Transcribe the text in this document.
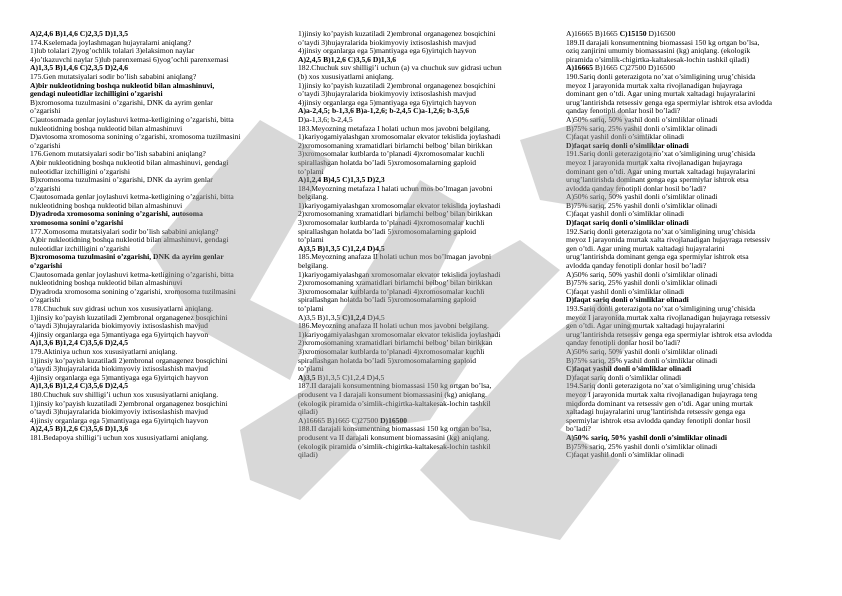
A)2,4,6 B)1,4,6 C)2,3,5 D)1,3,5
174.Kselemada joylashmagan hujayralarni aniqlang?
1)lub tolalari 2)yog’ochlik tolalari 3)elaksimon naylar
4)o’tkazuvchi naylar 5)lub parenxemasi 6)yog’ochli parenxemasi
A)1,3,5 B)1,4,6 C)2,3,5 D)2,4,6
175.Gen mutatsiyalari sodir bo’lish sababini aniqlang?
A)bir nukleotidning boshqa nukleotid bilan almashinuvi,
gendagi nuleotidlar izchilligini o’zgarishi
B)xromosoma tuzulmasini o’zgarishi, DNK da ayrim genlar
o’zgarishi
C)autosomada genlar joylashuvi ketma-ketligining o’zgarishi, bitta
nukleotidning boshqa nukleotid bilan almashinuvi
D)avtosoma xromosoma sonining o’zgarishi, xromosoma tuzilmasini
o’zgarishi
176.Genom mutatsiyalari sodir bo’lish sababini aniqlang?
A)bir nukleotidning boshqa nukleotid bilan almashinuvi, gendagi
nuleotidlar izchilligini o’zgarishi
B)xromosoma tuzulmasini o’zgarishi, DNK da ayrim genlar
o’zgarishi
C)autosomada genlar joylashuvi ketma-ketligining o’zgarishi, bitta
nukleotidning boshqa nukleotid bilan almashinuvi
D)yadroda xromosoma sonining o’zgarishi, autosoma
xromosoma sonini o’zgarishi
177.Xomosoma mutatsiyalari sodir bo’lish sababini aniqlang?
A)bir nukleotidning boshqa nukleotid bilan almashinuvi, gendagi
nuleotidlar izchilligini o’zgarishi
B)xromosoma tuzulmasini o’zgarishi, DNK da ayrim genlar
o’zgarishi
C)autosomada genlar joylashuvi ketma-ketligining o’zgarishi, bitta
nukleotidning boshqa nukleotid bilan almashinuvi
D)yadroda xromosoma sonining o’zgarishi, xromosoma tuzilmasini
o’zgarishi
178.Chuchuk suv gidrasi uchun xos xususiyatlarni aniqlang.
1)jinsiy ko’payish kuzatiladi 2)embronal organagenez bosqichini
o’taydi 3)hujayralarida biokimyoviy ixtisoslashish mavjud
4)jinsiy organlarga ega 5)mantiyaga ega 6)yirtqich hayvon
A)1,3,6 B)1,2,4 C)3,5,6 D)2,4,5
179.Aktiniya uchun xos xususiyatlarni aniqlang.
1)jinsiy ko’payish kuzatiladi 2)embronal organagenez bosqichini
o’taydi 3)hujayralarida biokimyoviy ixtisoslashish mavjud
4)jinsiy organlarga ega 5)mantiyaga ega 6)yirtqich hayvon
A)1,3,6 B)1,2,4 C)3,5,6 D)2,4,5
180.Chuchuk suv shilligi’i uchun xos xususiyatlarni aniqlang.
1)jinsiy ko’payish kuzatiladi 2)embronal organagenez bosqichini
o’taydi 3)hujayralarida biokimyoviy ixtisoslashish mavjud
4)jinsiy organlarga ega 5)mantiyaga ega 6)yirtqich hayvon
A)2,4,5 B)1,2,6 C)3,5,6 D)1,3,6
181.Bedapoya shilligi’i uchun xos xususiyatlarni aniqlang.
1)jinsiy ko’payish kuzatiladi 2)embronal organagenez bosqichini
o’taydi 3)hujayralarida biokimyoviy ixtisoslashish mavjud
4)jinsiy organlarga ega 5)mantiyaga ega 6)yirtqich hayvon
A)2,4,5 B)1,2,6 C)3,5,6 D)1,3,6
182.Chuchuk suv shilligi’i uchun (a) va chuchuk suv gidrasi uchun
(b) xos xususiyatlarni aniqlang.
1)jinsiy ko’payish kuzatiladi 2)embronal organagenez bosqichini
o’taydi 3)hujayralarida biokimyoviy ixtisoslashish mavjud
4)jinsiy organlarga ega 5)mantiyaga ega 6)yirtqich hayvon
A)a-2,4,5; b-1,3,6 B)a-1,2,6; b-2,4,5 C)a-1,2,6; b-3,5,6
D)a-1,3,6; b-2,4,5
183.Meyozning metafaza I holati uchun mos javobni belgilang.
1)kariyogamiyalashgan xromosomalar ekvator tekislida joylashadi
2)xromosomaning xramatidlari birlamchi belbog’ bilan birikkan
3)xromosomalar kutblarda to’planadi 4)xromosomalar kuchli
spirallashgan holatda bo’ladi 5)xromosomalarning gaploid
to’plami
A)1,2,4 B)4,5 C)1,3,5 D)2,3
184.Meyozning metafaza I halati uchun mos bo’lmagan javobni
belgilang.
1)kariyogamiyalashgan xromosomalar ekvator tekislida joylashadi
2)xromosomaning xramatidlari birlamchi belbog’ bilan birikkan
3)xromosomalar kutblarda to’planadi 4)xromosomalar kuchli
spirallashgan holatda bo’ladi 5)xromosomalarning gaploid
to’plami
A)3,5 B)1,3,5 C)1,2,4 D)4,5
185.Meyozning anafaza II holati uchun mos bo’lmagan javobni
belgilang.
1)kariyogamiyalashgan xromosomalar ekvator tekislida joylashadi
2)xromosomaning xramatidlari birlamchi belbog’ bilan birikkan
3)xromosomalar kutblarda to’planadi 4)xromosomalar kuchli
spirallashgan holatda bo’ladi 5)xromosomalarning gaploid
to’plami
A)3,5 B)1,3,5 C)1,2,4 D)4,5
186.Meyozning anafaza II holati uchun mos javobni belgilang.
1)kariyogamiyalashgan xromosomalar ekvator tekislida joylashadi
2)xromosomaning xramatidlari birlamchi belbog’ bilan birikkan
3)xromosomalar kutblarda to’planadi 4)xromosomalar kuchli
spirallashgan holatda bo’ladi 5)xromosomalarning gaploid
to’plami
A)3,5 B)1,3,5 C)1,2,4 D)4,5
187.II darajali konsumentning biomassasi 150 kg ortgan bo’lsa,
produsent va I darajali konsument biomassasini (kg) aniqlang.
(ekologik piramida o’simlik-chigirtka-kaltakesak-lochin tashkil
qiladi)
A)16665 B)1665 C)27500 D)16500
188.II darajali konsumentning biomassasi 150 kg ortgan bo’lsa,
produsent va II darajali konsument biomassasini (kg) aniqlang.
(ekologik piramida o’simlik-chigirtka-kaltakesak-lochin tashkil
qiladi)
A)16665 B)1665 C)15150 D)16500
189.II darajali konsumentning biomassasi 150 kg ortgan bo’lsa,
oziq zanjirini umumiy biomassasini (kg) aniqlang. (ekologik
piramida o’simlik-chigirtka-kaltakesak-lochin tashkil qiladi)
A)16665 B)1665 C)27500 D)16500
190.Sariq donli geterazigota no’xat o’simligining urug’chisida
meyoz I jarayonida murtak xalta rivojlanadigan hujayraga
dominant gen o’tdi. Agar uning murtak xaltadagi hujayralarini
urug’lantirishda retsessiv genga ega spermiylar ishtrok etsa avlodda
qanday fenotipli donlar hosil bo’ladi?
A)50% sariq, 50% yashil donli o’simliklar olinadi
B)75% sariq, 25% yashil donli o’simliklar olinadi
C)faqat yashil donli o’simliklar olinadi
D)faqat sariq donli o’simliklar olinadi
191.Sariq donli geterazigota no’xat o’simligining urug’chisida
meyoz I jarayonida murtak xalta rivojlanadigan hujayraga
dominant gen o’tdi. Agar uning murtak xaltadagi hujayralarini
urug’lantirishda dominant genga ega spermiylar ishtrok etsa
avlodda qanday fenotipli donlar hosil bo’ladi?
A)50% sariq, 50% yashil donli o’simliklar olinadi
B)75% sariq, 25% yashil donli o’simliklar olinadi
C)faqat yashil donli o’simliklar olinadi
D)faqat sariq donli o’simliklar olinadi
192.Sariq donli geterazigota no’xat o’simligining urug’chisida
meyoz I jarayonida murtak xalta rivojlanadigan hujayraga retsessiv
gen o’tdi. Agar uning murtak xaltadagi hujayralarini
urug’lantirishda dominant genga ega spermiylar ishtrok etsa
avlodda qanday fenotipli donlar hosil bo’ladi?
A)50% sariq, 50% yashil donli o’simliklar olinadi
B)75% sariq, 25% yashil donli o’simliklar olinadi
C)faqat yashil donli o’simliklar olinadi
D)faqat sariq donli o’simliklar olinadi
193.Sariq donli geterazigota no’xat o’simligining urug’chisida
meyoz I jarayonida murtak xalta rivojlanadigan hujayraga retsessiv
gen o’tdi. Agar uning murtak xaltadagi hujayralarini
urug’lantirishda retsessiv genga ega spermiylar ishtrok etsa avlodda
qanday fenotipli donlar hosil bo’ladi?
A)50% sariq, 50% yashil donli o’simliklar olinadi
B)75% sariq, 25% yashil donli o’simliklar olinadi
C)faqat yashil donli o’simliklar olinadi
D)faqat sariq donli o’simliklar olinadi
194.Sariq donli geterazigota no’xat o’simligining urug’chisida
meyoz I jarayonida murtak xalta rivojlanadigan hujayraga teng
miqdorda dominant va retsessiv gen o’tdi. Agar uning murtak
xaltadagi hujayralarini urug’lantirishda retsessiv genga ega
spermiylar ishtrok etsa avlodda qanday fenotipli donlar hosil
bo’ladi?
A)50% sariq, 50% yashil donli o’simliklar olinadi
B)75% sariq, 25% yashil donli o’simliklar olinadi
C)faqat yashil donli o’simliklar olinadi
